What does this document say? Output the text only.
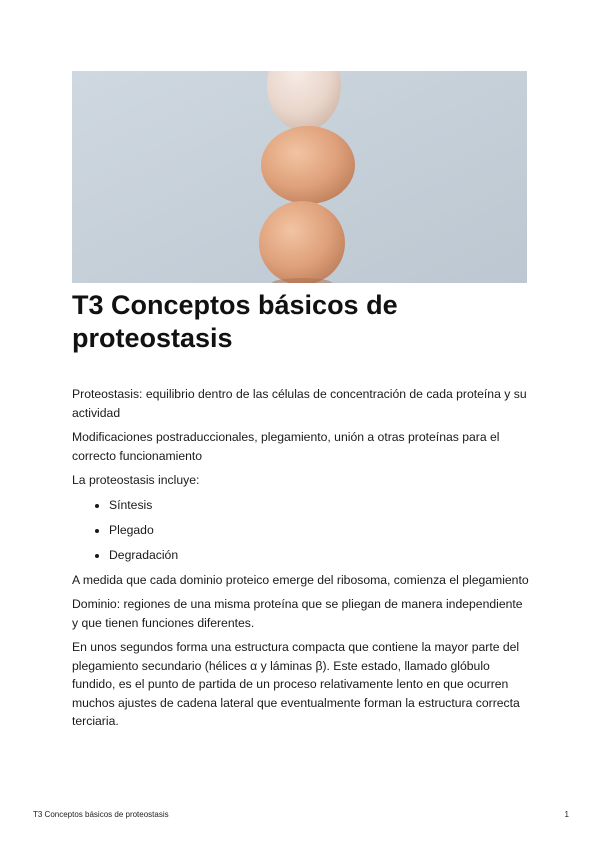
T3 Conceptos básicos de proteostasis

Proteostasis: equilibrio dentro de las células de concentración de cada proteína y su actividad

Modificaciones postraduccionales, plegamiento, unión a otras proteínas para el correcto funcionamiento

La proteostasis incluye:

• Síntesis
• Plegado
• Degradación

A medida que cada dominio proteico emerge del ribosoma, comienza el plegamiento

Dominio: regiones de una misma proteína que se pliegan de manera independiente y que tienen funciones diferentes.

En unos segundos forma una estructura compacta que contiene la mayor parte del plegamiento secundario (hélices α y láminas β). Este estado, llamado glóbulo fundido, es el punto de partida de un proceso relativamente lento en que ocurren muchos ajustes de cadena lateral que eventualmente forman la estructura correcta terciaria.

T3 Conceptos básicos de proteostasis	1
